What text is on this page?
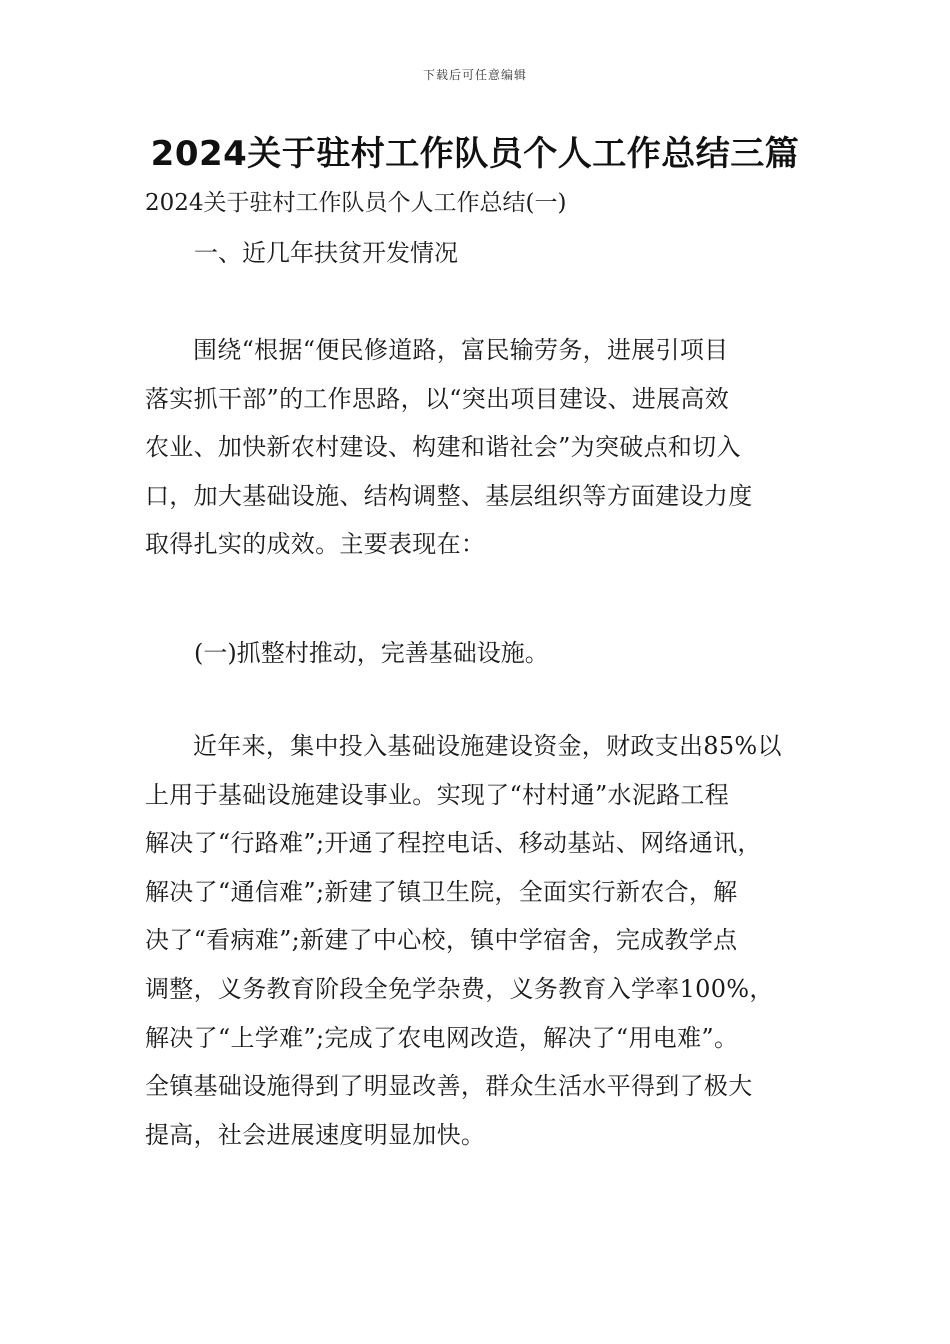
下载后可任意编辑
2024关于驻村工作队员个人工作总结三篇

2024关于驻村工作队员个人工作总结(一)

一、近几年扶贫开发情况

围绕“根据“便民修道路，富民输劳务，进展引项目
落实抓干部”的工作思路，以“突出项目建设、进展高效
农业、加快新农村建设、构建和谐社会”为突破点和切入
口，加大基础设施、结构调整、基层组织等方面建设力度
取得扎实的成效。主要表现在：

(一)抓整村推动，完善基础设施。

近年来，集中投入基础设施建设资金，财政支出85%以
上用于基础设施建设事业。实现了“村村通”水泥路工程
解决了“行路难”;开通了程控电话、移动基站、网络通讯，
解决了“通信难”;新建了镇卫生院，全面实行新农合，解
决了“看病难”;新建了中心校，镇中学宿舍，完成教学点
调整，义务教育阶段全免学杂费，义务教育入学率100%，
解决了“上学难”;完成了农电网改造，解决了“用电难”。
全镇基础设施得到了明显改善，群众生活水平得到了极大
提高，社会进展速度明显加快。
